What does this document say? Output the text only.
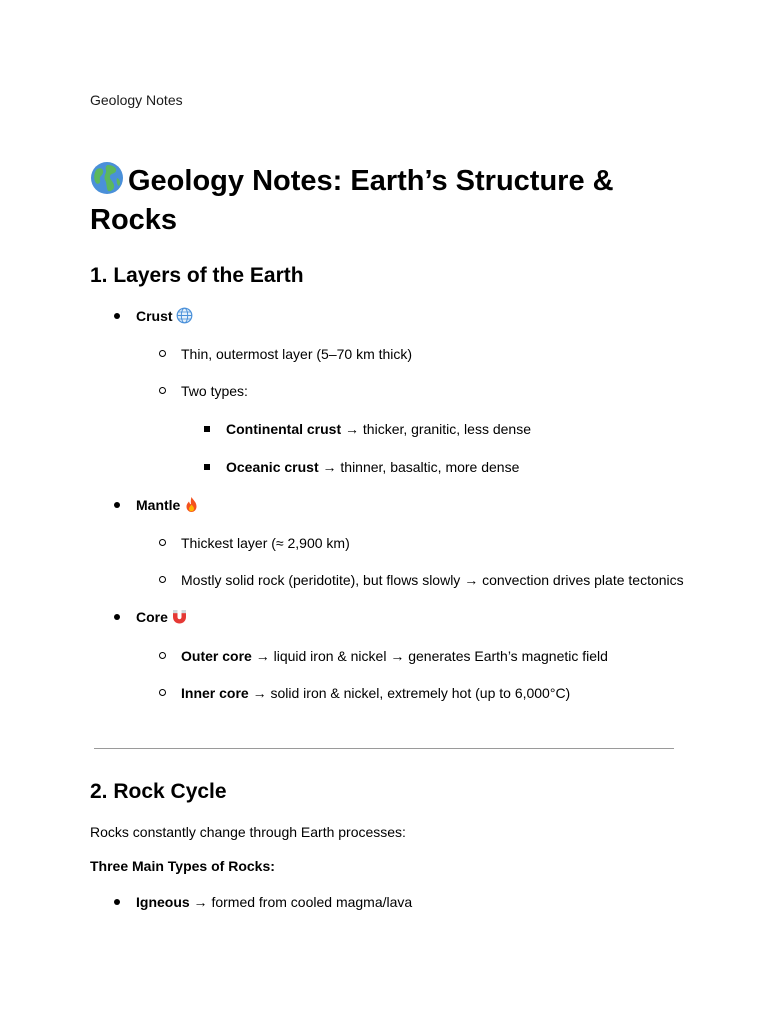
Geology Notes
Geology Notes: Earth’s Structure & Rocks
1. Layers of the Earth
Crust
Thin, outermost layer (5–70 km thick)
Two types:
Continental crust → thicker, granitic, less dense
Oceanic crust → thinner, basaltic, more dense
Mantle
Thickest layer (≈ 2,900 km)
Mostly solid rock (peridotite), but flows slowly → convection drives plate tectonics
Core
Outer core → liquid iron & nickel → generates Earth’s magnetic field
Inner core → solid iron & nickel, extremely hot (up to 6,000°C)
2. Rock Cycle
Rocks constantly change through Earth processes:
Three Main Types of Rocks:
Igneous → formed from cooled magma/lava
